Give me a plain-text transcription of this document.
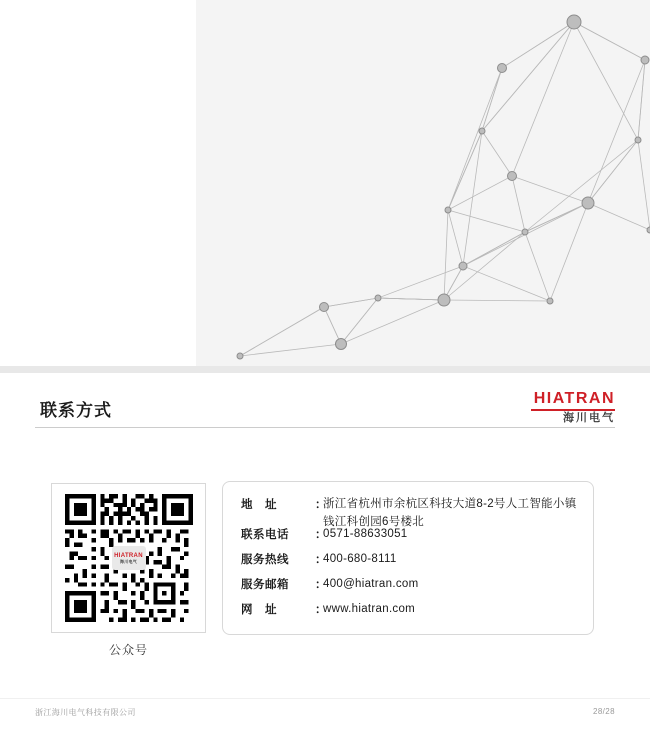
联系方式
HIATRAN
海川电气
HIATRAN
海川电气
公众号
地　址	：
浙江省杭州市余杭区科技大道8-2号人工智能小镇
钱江科创园6号楼北
联系电话	：
0571-88633051
服务热线	：
400-680-8111
服务邮箱	：
400@hiatran.com
网　址	：
www.hiatran.com
浙江海川电气科技有限公司	28/28
